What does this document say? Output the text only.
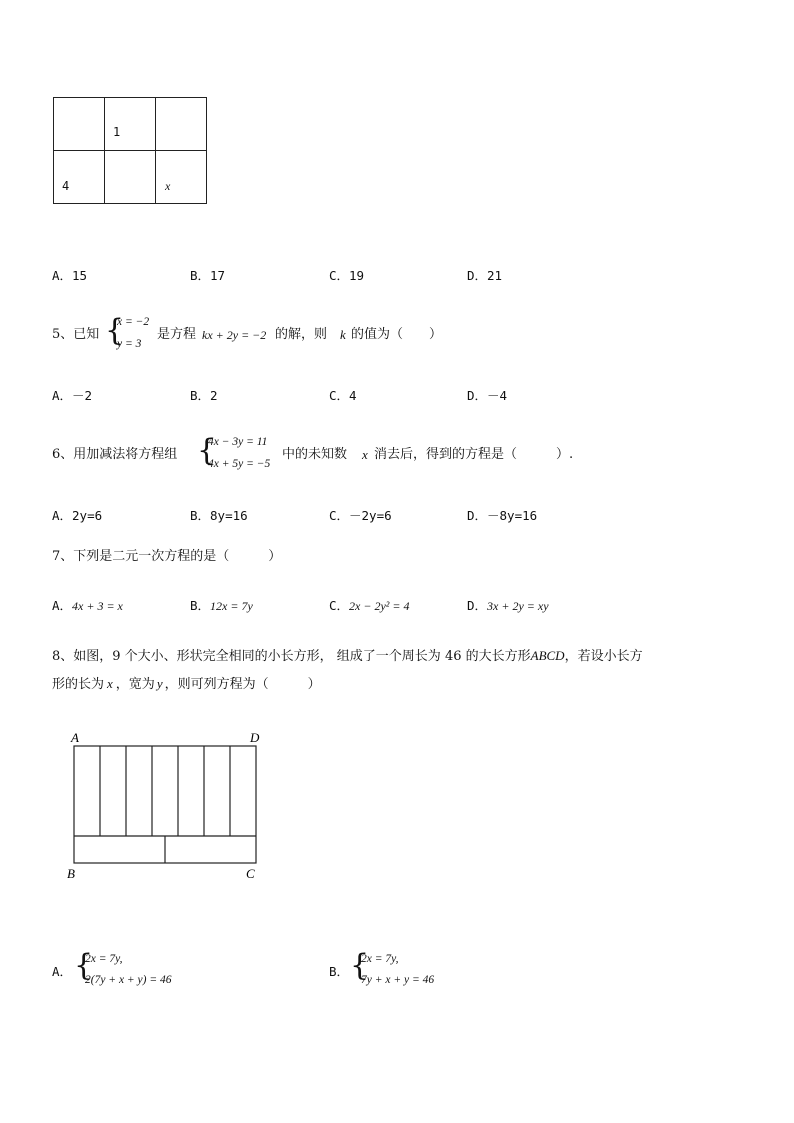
	1	

4		x
A．15	B．17	C．19	D．21
5、已知 {
x = −2
y = 3
是方程 kx + 2y = −2 的解，则 k 的值为（　　）
A．－2	B．2	C．4	D．－4
6、用加减法将方程组 {
4x − 3y = 11
4x + 5y = −5
中的未知数 x 消去后，得到的方程是（　　　）.
A．2y=6	B．8y=16	C．－2y=6	D．－8y=16
7、下列是二元一次方程的是（　　　）
A．4x + 3 = x	B．12x = 7y	C．2x − 2y² = 4	D．3x + 2y = xy
8、如图，9 个大小、形状完全相同的小长方形， 组成了一个周长为 46 的大长方形ABCD，若设小长方
形的长为 x ，宽为 y ，则可列方程为（　　　）
A	D
B	C
A． {
2x = 7y,
2(7y + x + y) = 46
B． {
2x = 7y,
7y + x + y = 46
